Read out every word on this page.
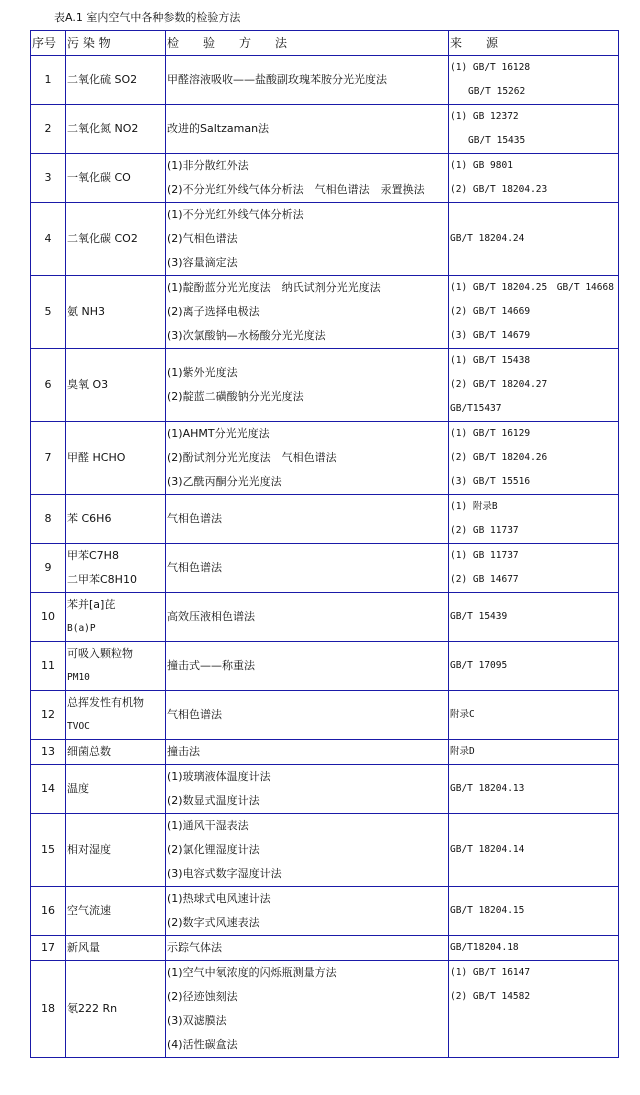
表A.1 室内空气中各种参数的检验方法
序号	污 染 物	检　　验　　方　　法	来　　源
1	二氧化硫 SO2	甲醛溶液吸收——盐酸副玫瑰苯胺分光光度法	(1) GB/T 16128
GB/T 15262

2	二氧化氮 NO2	改进的Saltzaman法	(1) GB 12372
GB/T 15435

3	一氧化碳 CO	(1)非分散红外法
(2)不分光红外线气体分析法　气相色谱法　汞置换法	(1) GB 9801
(2) GB/T 18204.23

4	二氧化碳 CO2	(1)不分光红外线气体分析法
(2)气相色谱法
(3)容量滴定法	GB/T 18204.24

5	氨 NH3	(1)靛酚蓝分光光度法　纳氏试剂分光光度法
(2)离子选择电极法
(3)次氯酸钠—水杨酸分光光度法	(1) GB/T 18204.25　GB/T 14668
(2) GB/T 14669
(3) GB/T 14679

6	臭氧 O3	(1)紫外光度法
(2)靛蓝二磺酸钠分光光度法	(1) GB/T 15438
(2) GB/T 18204.27
GB/T15437

7	甲醛 HCHO	(1)AHMT分光光度法
(2)酚试剂分光光度法　气相色谱法
(3)乙酰丙酮分光光度法	(1) GB/T 16129
(2) GB/T 18204.26
(3) GB/T 15516

8	苯 C6H6	气相色谱法	(1) 附录B
(2) GB 11737

9	甲苯C7H8
二甲苯C8H10	气相色谱法	(1) GB 11737
(2) GB 14677

10	苯并[a]芘
B(a)P	高效压液相色谱法	GB/T 15439

11	可吸入颗粒物
PM10	撞击式——称重法	GB/T 17095

12	总挥发性有机物
TVOC	气相色谱法	附录C

13	细菌总数	撞击法	附录D

14	温度	(1)玻璃液体温度计法
(2)数显式温度计法	GB/T 18204.13

15	相对湿度	(1)通风干湿表法
(2)氯化锂湿度计法
(3)电容式数字湿度计法	GB/T 18204.14

16	空气流速	(1)热球式电风速计法
(2)数字式风速表法	GB/T 18204.15

17	新风量	示踪气体法	GB/T18204.18

18	氡222 Rn	(1)空气中氡浓度的闪烁瓶测量方法
(2)径迹蚀刻法
(3)双滤膜法
(4)活性碳盒法	(1) GB/T 16147
(2) GB/T 14582
